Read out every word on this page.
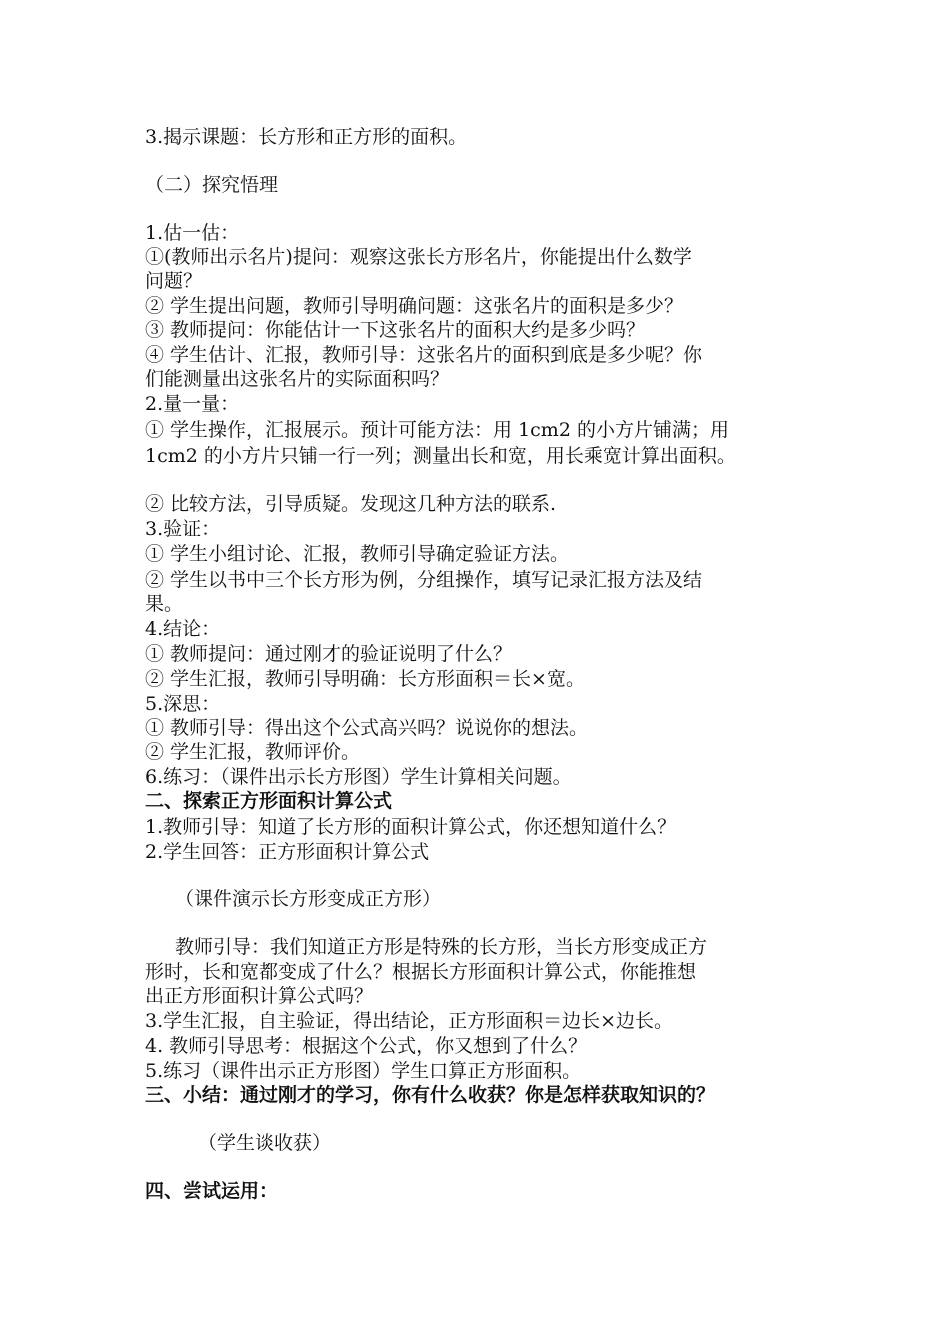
3.揭示课题：长方形和正方形的面积。
（二）探究悟理
1.估一估：
①(教师出示名片)提问：观察这张长方形名片，你能提出什么数学
问题？
② 学生提出问题，教师引导明确问题：这张名片的面积是多少？
③ 教师提问：你能估计一下这张名片的面积大约是多少吗？
④ 学生估计、汇报，教师引导：这张名片的面积到底是多少呢？你
们能测量出这张名片的实际面积吗？
2.量一量：
① 学生操作，汇报展示。预计可能方法：用 1cm2 的小方片铺满；用
1cm2 的小方片只铺一行一列；测量出长和宽，用长乘宽计算出面积。
② 比较方法，引导质疑。发现这几种方法的联系.
3.验证：
① 学生小组讨论、汇报，教师引导确定验证方法。
② 学生以书中三个长方形为例，分组操作，填写记录汇报方法及结
果。
4.结论：
① 教师提问：通过刚才的验证说明了什么？
② 学生汇报，教师引导明确：长方形面积＝长×宽。
5.深思：
① 教师引导：得出这个公式高兴吗？说说你的想法。
② 学生汇报，教师评价。
6.练习：（课件出示长方形图）学生计算相关问题。
二、探索正方形面积计算公式
1.教师引导：知道了长方形的面积计算公式，你还想知道什么？
2.学生回答：正方形面积计算公式
（课件演示长方形变成正方形）
教师引导：我们知道正方形是特殊的长方形，当长方形变成正方
形时，长和宽都变成了什么？根据长方形面积计算公式，你能推想
出正方形面积计算公式吗？
3.学生汇报，自主验证，得出结论，正方形面积＝边长×边长。
4. 教师引导思考：根据这个公式，你又想到了什么？
5.练习（课件出示正方形图）学生口算正方形面积。
三、小结：通过刚才的学习，你有什么收获？你是怎样获取知识的？
（学生谈收获）
四、尝试运用：
